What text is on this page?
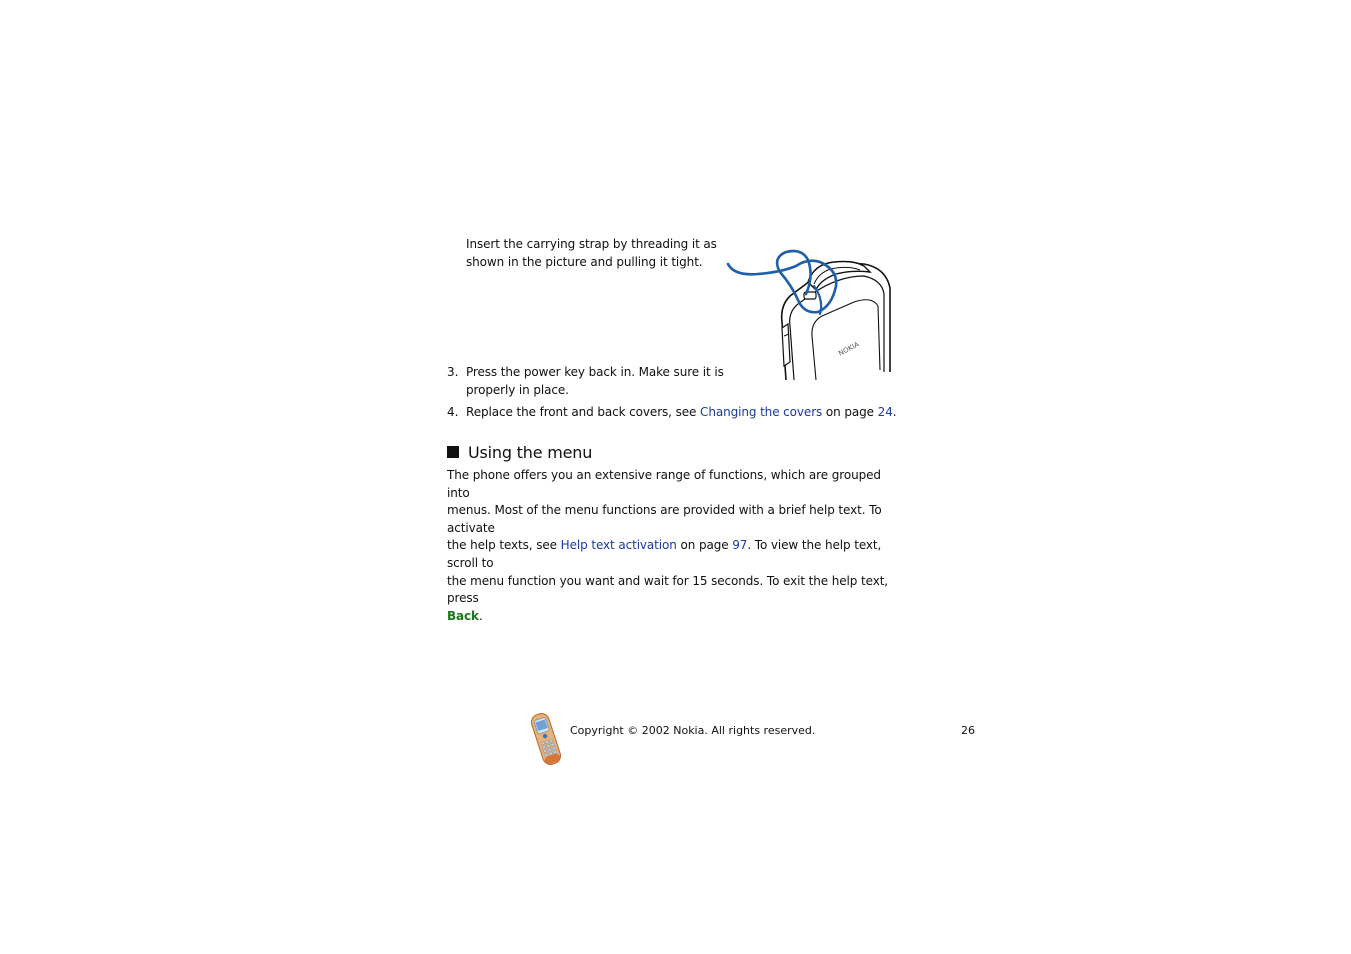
Insert the carrying strap by threading it as
shown in the picture and pulling it tight.
NOKIA
3. Press the power key back in. Make sure it is
properly in place.
4. Replace the front and back covers, see Changing the covers on page 24.
Using the menu
The phone offers you an extensive range of functions, which are grouped into
menus. Most of the menu functions are provided with a brief help text. To activate
the help texts, see Help text activation on page 97. To view the help text, scroll to
the menu function you want and wait for 15 seconds. To exit the help text, press
Back.
Copyright © 2002 Nokia. All rights reserved.	26
